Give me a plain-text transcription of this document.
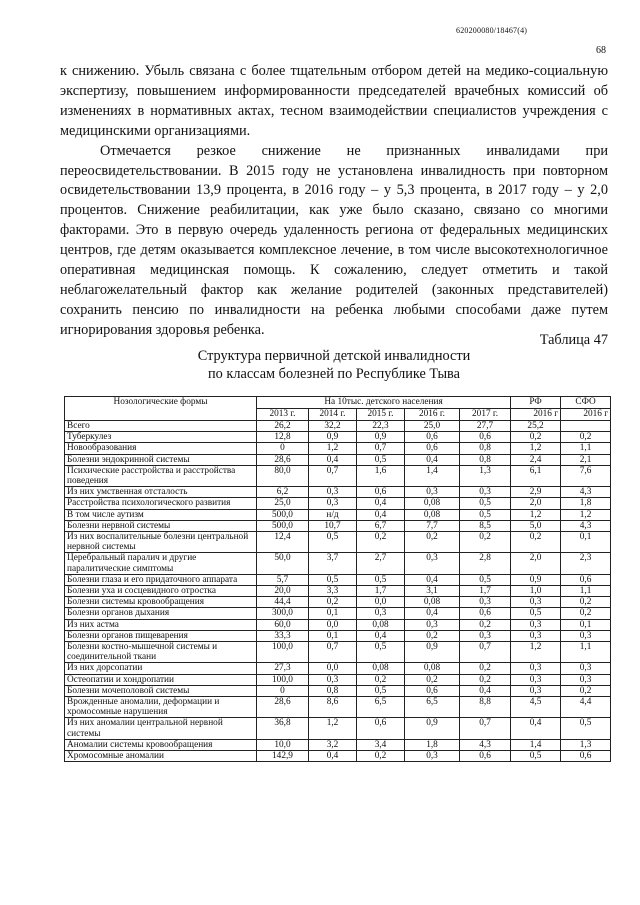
620200080/18467(4)
68

к снижению. Убыль связана с более тщательным отбором детей на медико-социальную экспертизу, повышением информированности председателей врачебных комиссий об изменениях в нормативных актах, тесном взаимодействии специалистов учреждения с медицинскими организациями.

Отмечается резкое снижение не признанных инвалидами при переосвидетельствовании. В 2015 году не установлена инвалидность при повторном освидетельствовании 13,9 процента, в 2016 году – у 5,3 процента, в 2017 году – у 2,0 процентов. Снижение реабилитации, как уже было сказано, связано со многими факторами. Это в первую очередь удаленность региона от федеральных медицинских центров, где детям оказывается комплексное лечение, в том числе высокотехнологичное оперативная медицинская помощь. К сожалению, следует отметить и такой неблагожелательный фактор как желание родителей (законных представителей) сохранить пенсию по инвалидности на ребенка любыми способами даже путем игнорирования здоровья ребенка.

Таблица 47
Структура первичной детской инвалидности
по классам болезней по Республике Тыва
Нозологические формы	На 10тыс. детского населения					РФ	СФО
	2013 г.	2014 г.	2015 г.	2016 г.	2017 г.	2016 г	2016 г
Всего	26,2	32,2	22,3	25,0	27,7	25,2	
Туберкулез	12,8	0,9	0,9	0,6	0,6	0,2	0,2
Новообразования	0	1,2	0,7	0,6	0,8	1,2	1,1
Болезни эндокринной системы	28,6	0,4	0,5	0,4	0,8	2,4	2,1
Психические расстройства и расстройства поведения	80,0	0,7	1,6	1,4	1,3	6,1	7,6
Из них умственная отсталость	6,2	0,3	0,6	0,3	0,3	2,9	4,3
Расстройства психологического развития	25,0	0,3	0,4	0,08	0,5	2,0	1,8
В том числе аутизм	500,0	н/д	0,4	0,08	0,5	1,2	1,2
Болезни нервной системы	500,0	10,7	6,7	7,7	8,5	5,0	4,3
Из них воспалительные болезни центральной нервной системы	12,4	0,5	0,2	0,2	0,2	0,2	0,1
Церебральный паралич и другие паралитические симптомы	50,0	3,7	2,7	0,3	2,8	2,0	2,3
Болезни глаза и его придаточного аппарата	5,7	0,5	0,5	0,4	0,5	0,9	0,6
Болезни уха и сосцевидного отростка	20,0	3,3	1,7	3,1	1,7	1,0	1,1
Болезни системы кровообращения	44,4	0,2	0,0	0,08	0,3	0,3	0,2
Болезни органов дыхания	300,0	0,1	0,3	0,4	0,6	0,5	0,2
Из них астма	60,0	0,0	0,08	0,3	0,2	0,3	0,1
Болезни органов пищеварения	33,3	0,1	0,4	0,2	0,3	0,3	0,3
Болезни костно-мышечной системы и соединительной ткани	100,0	0,7	0,5	0,9	0,7	1,2	1,1
Из них дорсопатии	27,3	0,0	0,08	0,08	0,2	0,3	0,3
Остеопатии и хондропатии	100,0	0,3	0,2	0,2	0,2	0,3	0,3
Болезни мочеполовой системы	0	0,8	0,5	0,6	0,4	0,3	0,2
Врожденные аномалии, деформации и хромосомные нарушения	28,6	8,6	6,5	6,5	8,8	4,5	4,4
Из них аномалии центральной нервной системы	36,8	1,2	0,6	0,9	0,7	0,4	0,5
Аномалии системы кровообращения	10,0	3,2	3,4	1,8	4,3	1,4	1,3
Хромосомные аномалии	142,9	0,4	0,2	0,3	0,6	0,5	0,6
